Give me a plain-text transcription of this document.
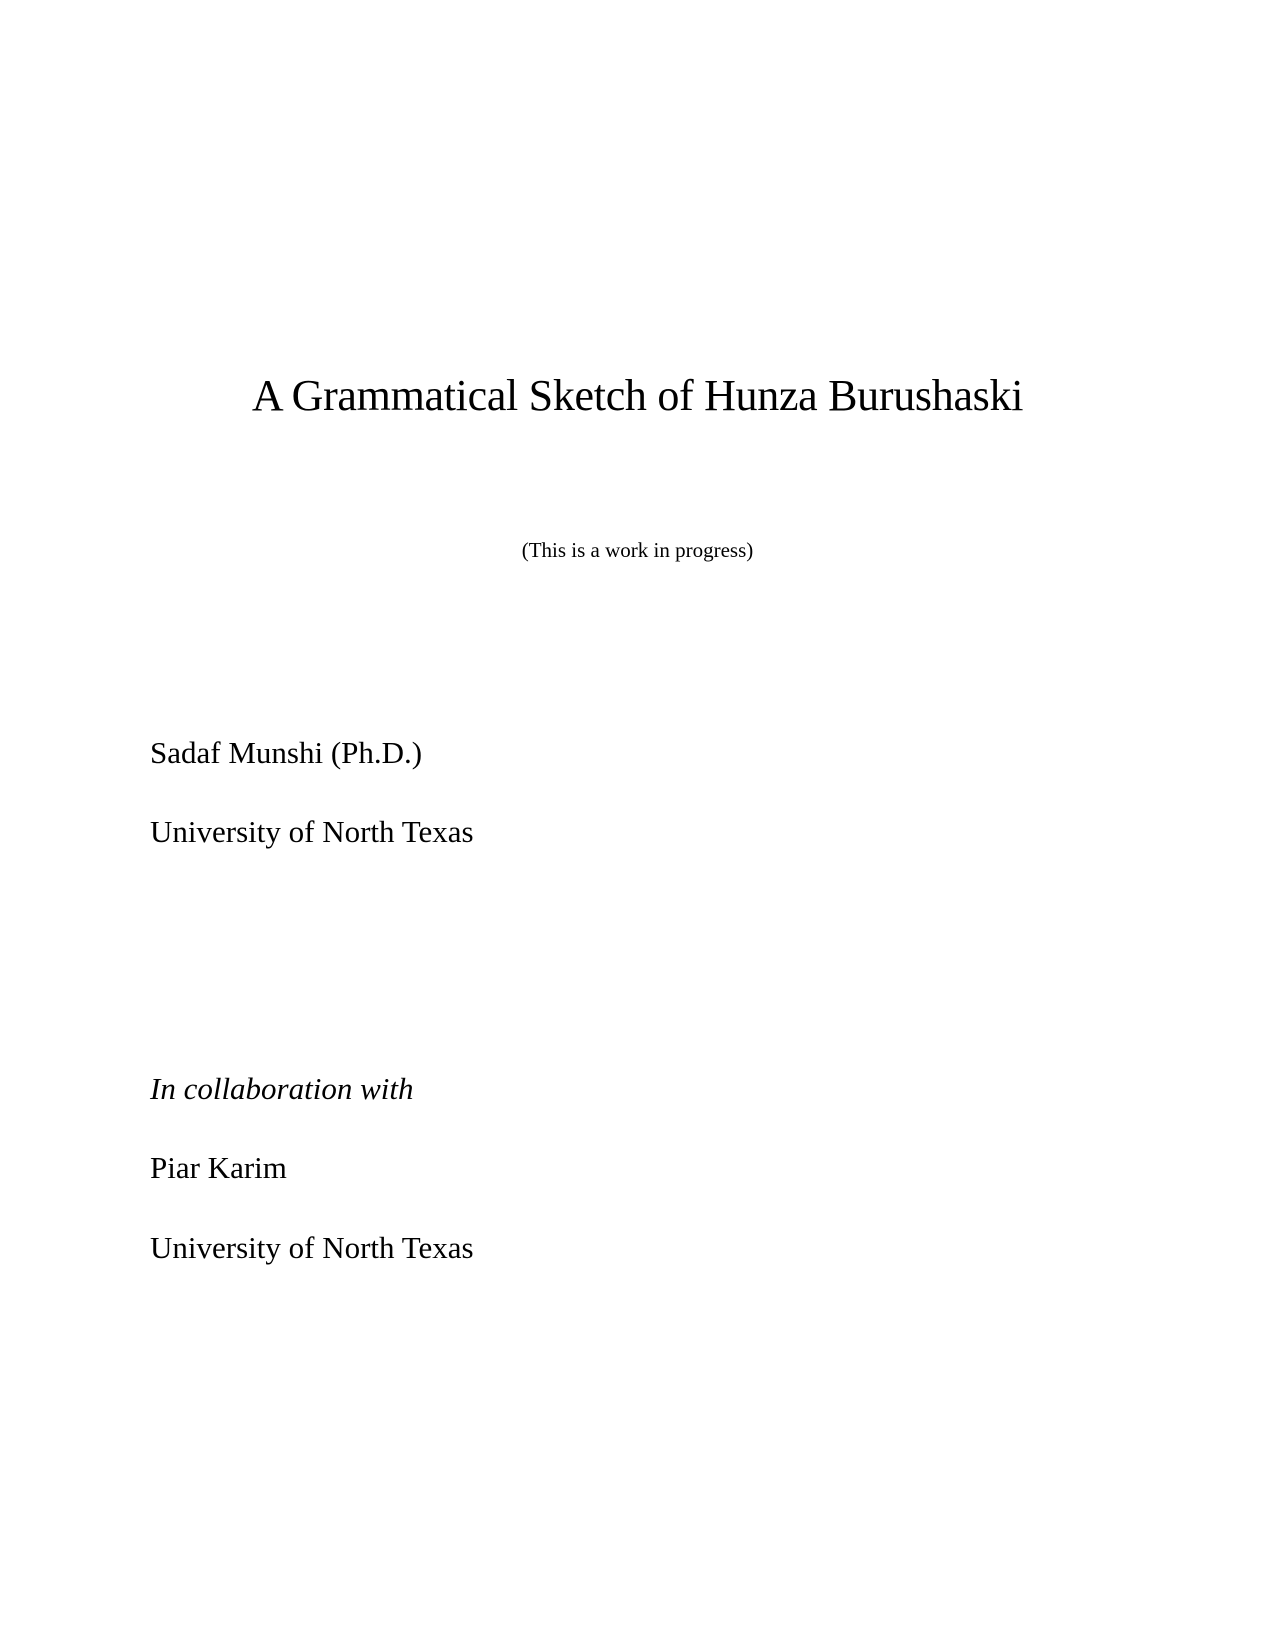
A Grammatical Sketch of Hunza Burushaski
(This is a work in progress)
Sadaf Munshi (Ph.D.)
University of North Texas
In collaboration with
Piar Karim
University of North Texas
